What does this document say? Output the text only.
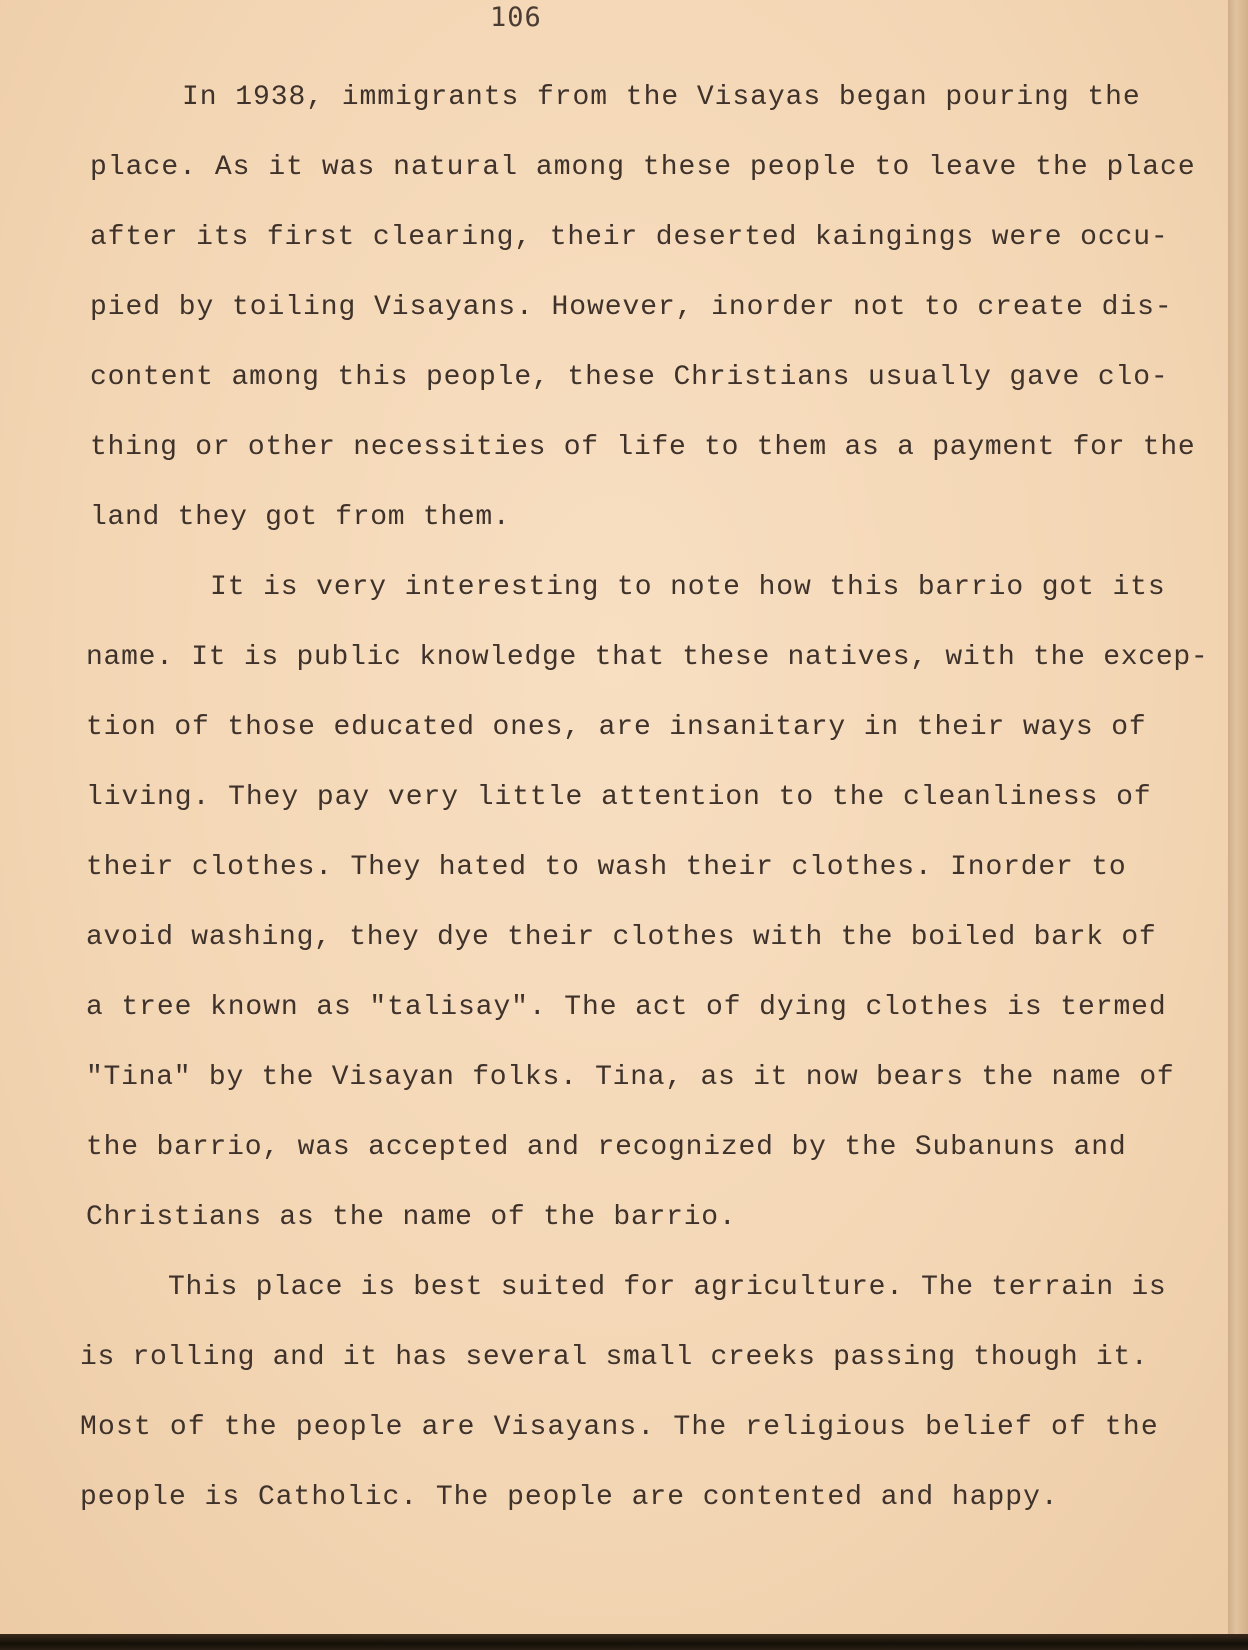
106
In 1938, immigrants from the Visayas began pouring the
place. As it was natural among these people to leave the place
after its first clearing, their deserted kaingings were occu-
pied by toiling Visayans. However, inorder not to create dis-
content among this people, these Christians usually gave clo-
thing or other necessities of life to them as a payment for the
land they got from them.
It is very interesting to note how this barrio got its
name. It is public knowledge that these natives, with the excep-
tion of those educated ones, are insanitary in their ways of
living. They pay very little attention to the cleanliness of
their clothes. They hated to wash their clothes. Inorder to
avoid washing, they dye their clothes with the boiled bark of
a tree known as "talisay". The act of dying clothes is termed
"Tina" by the Visayan folks. Tina, as it now bears the name of
the barrio, was accepted and recognized by the Subanuns and
Christians as the name of the barrio.
This place is best suited for agriculture. The terrain is
is rolling and it has several small creeks passing though it.
Most of the people are Visayans. The religious belief of the
people is Catholic. The people are contented and happy.
